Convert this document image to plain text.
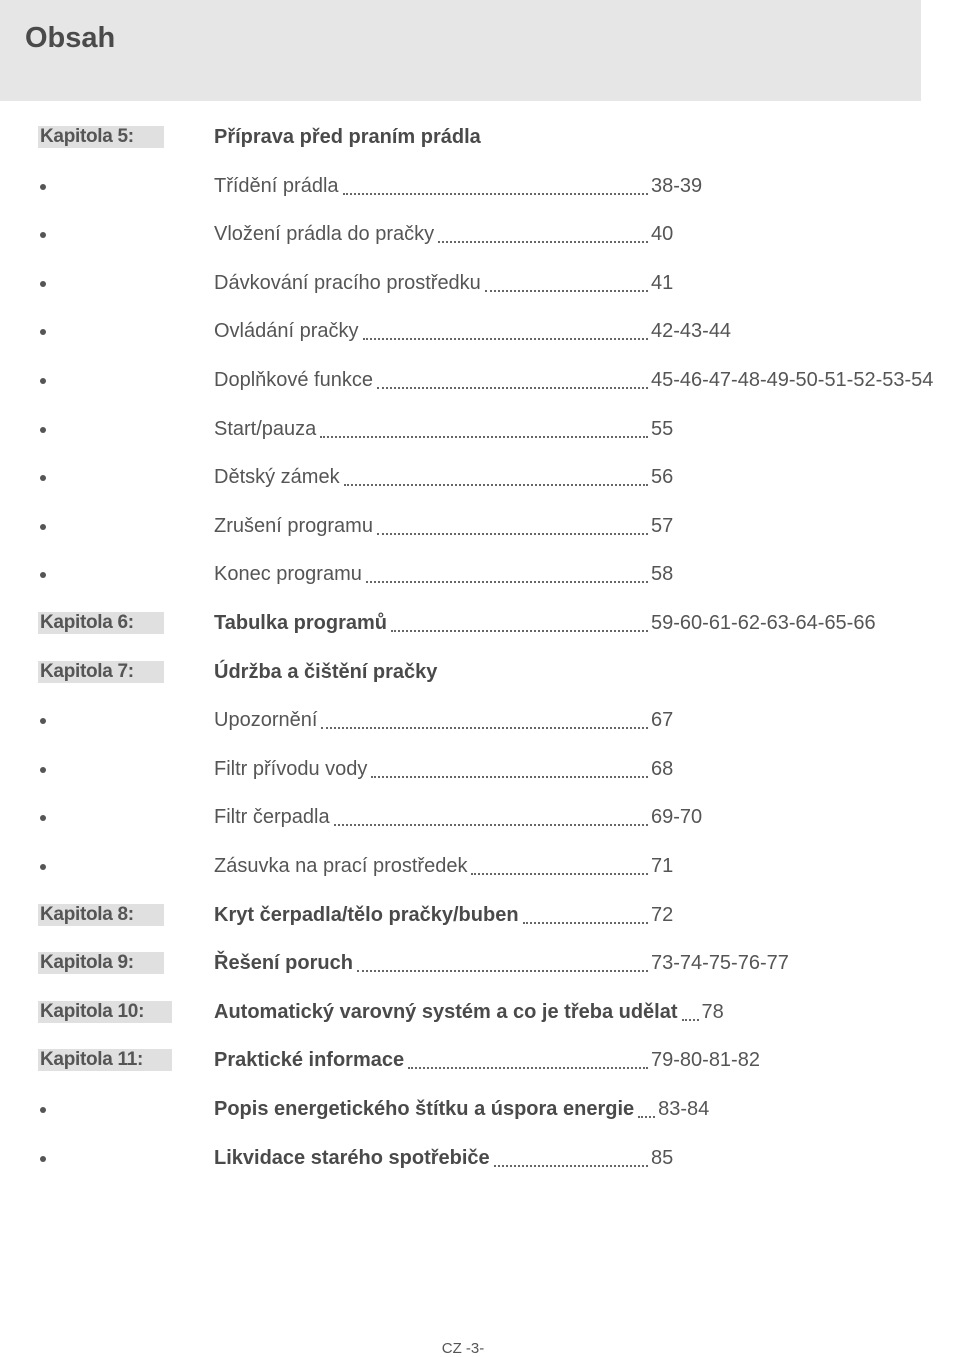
Obsah
Kapitola 5:	Příprava před praním prádla
Třídění prádla	38-39
Vložení prádla do pračky	40
Dávkování pracího prostředku	41
Ovládání pračky	42-43-44
Doplňkové funkce	45-46-47-48-49-50-51-52-53-54
Start/pauza	55
Dětský zámek	56
Zrušení programu	57
Konec programu	58
Kapitola 6:	Tabulka programů	59-60-61-62-63-64-65-66
Kapitola 7:	Údržba a čištění pračky
Upozornění	67
Filtr přívodu vody	68
Filtr čerpadla	69-70
Zásuvka na prací prostředek	71
Kapitola 8:	Kryt čerpadla/tělo pračky/buben	72
Kapitola 9:	Řešení poruch	73-74-75-76-77
Kapitola 10:	Automatický varovný systém a co je třeba udělat 78
Kapitola 11:	Praktické informace	79-80-81-82
Popis energetického štítku a úspora energie 83-84
Likvidace starého spotřebiče	85
CZ -3-
